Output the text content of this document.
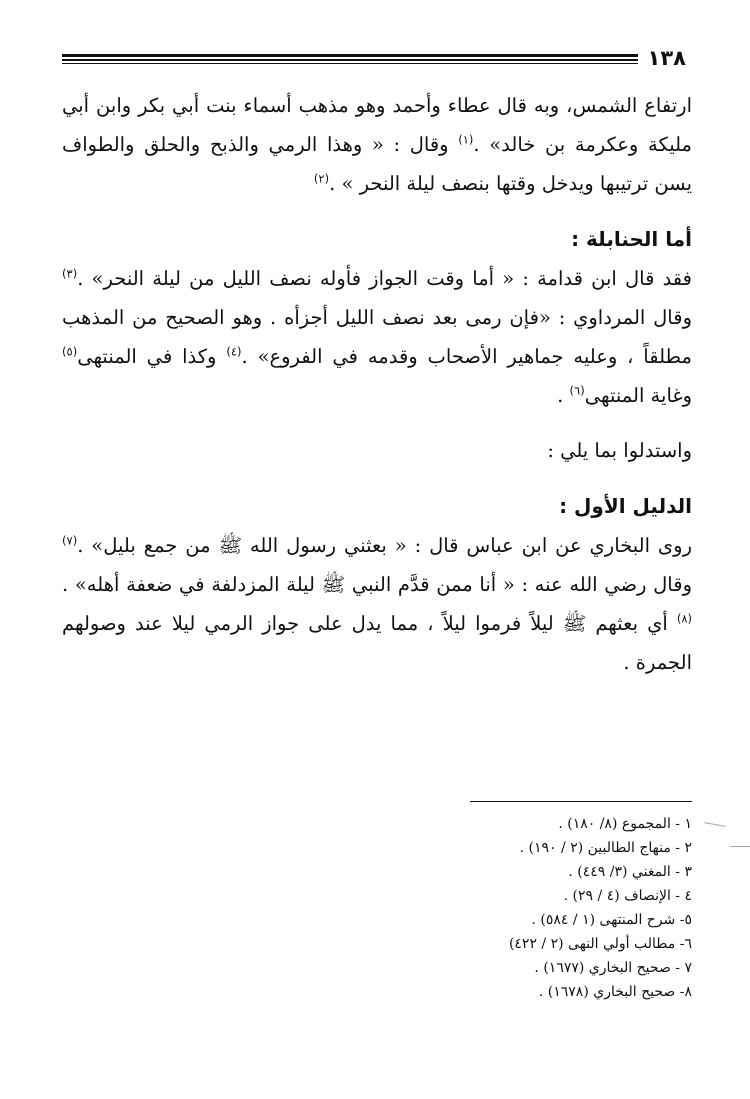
١٣٨

ارتفاع الشمس، وبه قال عطاء وأحمد وهو مذهب أسماء بنت أبي بكر وابن أبي مليكة وعكرمة بن خالد» .$^{(١)}$ وقال : « وهذا الرمي والذبح والحلق والطواف يسن ترتيبها ويدخل وقتها بنصف ليلة النحر » .$^{(٢)}$

أما الحنابلة :

فقد قال ابن قدامة : « أما وقت الجواز فأوله نصف الليل من ليلة النحر» .$^{(٣)}$ وقال المرداوي : «فإن رمى بعد نصف الليل أجزأه . وهو الصحيح من المذهب مطلقاً ، وعليه جماهير الأصحاب وقدمه في الفروع» .$^{(٤)}$ وكذا في المنتهى$^{(٥)}$ وغاية المنتهى$^{(٦)}$ .

واستدلوا بما يلي :

الدليل الأول :

روى البخاري عن ابن عباس قال : « بعثني رسول الله ﷺ من جمع بليل» .$^{(٧)}$ وقال رضي الله عنه : « أنا ممن قدَّم النبي ﷺ ليلة المزدلفة في ضعفة أهله» .$^{(٨)}$ أي بعثهم ﷺ ليلاً فرموا ليلاً ، مما يدل على جواز الرمي ليلا عند وصولهم الجمرة .

١ - المجموع (٨/ ١٨٠) .

٢ - منهاج الطالبين (٢ / ١٩٠) .

٣ - المغني (٣/ ٤٤٩) .

٤ - الإنصاف (٤ / ٢٩) .

٥- شرح المنتهى (١ / ٥٨٤) .

٦- مطالب أولي النهى (٢ / ٤٢٢)

٧ - صحيح البخاري (١٦٧٧) .

٨- صحيح البخاري (١٦٧٨) .
